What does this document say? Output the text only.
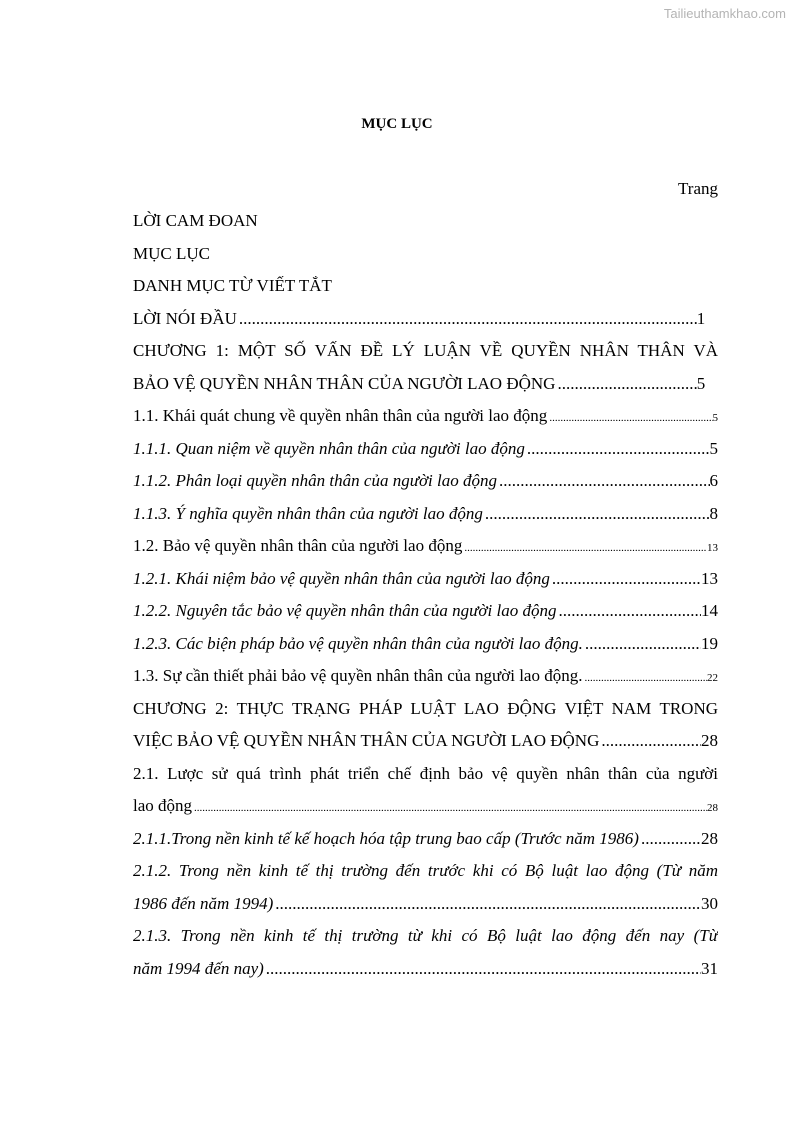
Tailieuthamkhao.com
MỤC LỤC
Trang
LỜI CAM ĐOAN
MỤC LỤC
DANH MỤC TỪ VIẾT TẮT
LỜI NÓI ĐẦU .....	1

CHƯƠNG 1: MỘT SỐ VẤN ĐỀ LÝ LUẬN VỀ QUYỀN NHÂN THÂN VÀ
BẢO VỆ QUYỀN NHÂN THÂN CỦA NGƯỜI LAO ĐỘNG .....	5

1.1. Khái quát chung về quyền nhân thân của người lao động .....	5
1.1.1. Quan niệm về quyền nhân thân của người lao động .....	5
1.1.2. Phân loại quyền nhân thân của người lao động .....	6
1.1.3. Ý nghĩa quyền nhân thân của người lao động .....	8
1.2. Bảo vệ quyền nhân thân của người lao động .....	13
1.2.1. Khái niệm bảo vệ quyền nhân thân của người lao động .....	13
1.2.2. Nguyên tắc bảo vệ quyền nhân thân của người lao động .....	14
1.2.3. Các biện pháp bảo vệ quyền nhân thân của người lao động. .....	19
1.3. Sự cần thiết phải bảo vệ quyền nhân thân của người lao động. .....	22
CHƯƠNG 2: THỰC TRẠNG PHÁP LUẬT LAO ĐỘNG VIỆT NAM TRONG
VIỆC BẢO VỆ QUYỀN NHÂN THÂN CỦA NGƯỜI LAO ĐỘNG .....	28
2.1. Lược sử quá trình phát triển chế định bảo vệ quyền nhân thân của người
lao động .....	28
2.1.1.Trong nền kinh tế kế hoạch hóa tập trung bao cấp (Trước năm 1986) .....	28
2.1.2. Trong nền kinh tế thị trường đến trước khi có Bộ luật lao động (Từ năm
1986 đến năm 1994) .....	30
2.1.3. Trong nền kinh tế thị trường từ khi có Bộ luật lao động đến nay (Từ
năm 1994 đến nay) .....	31
